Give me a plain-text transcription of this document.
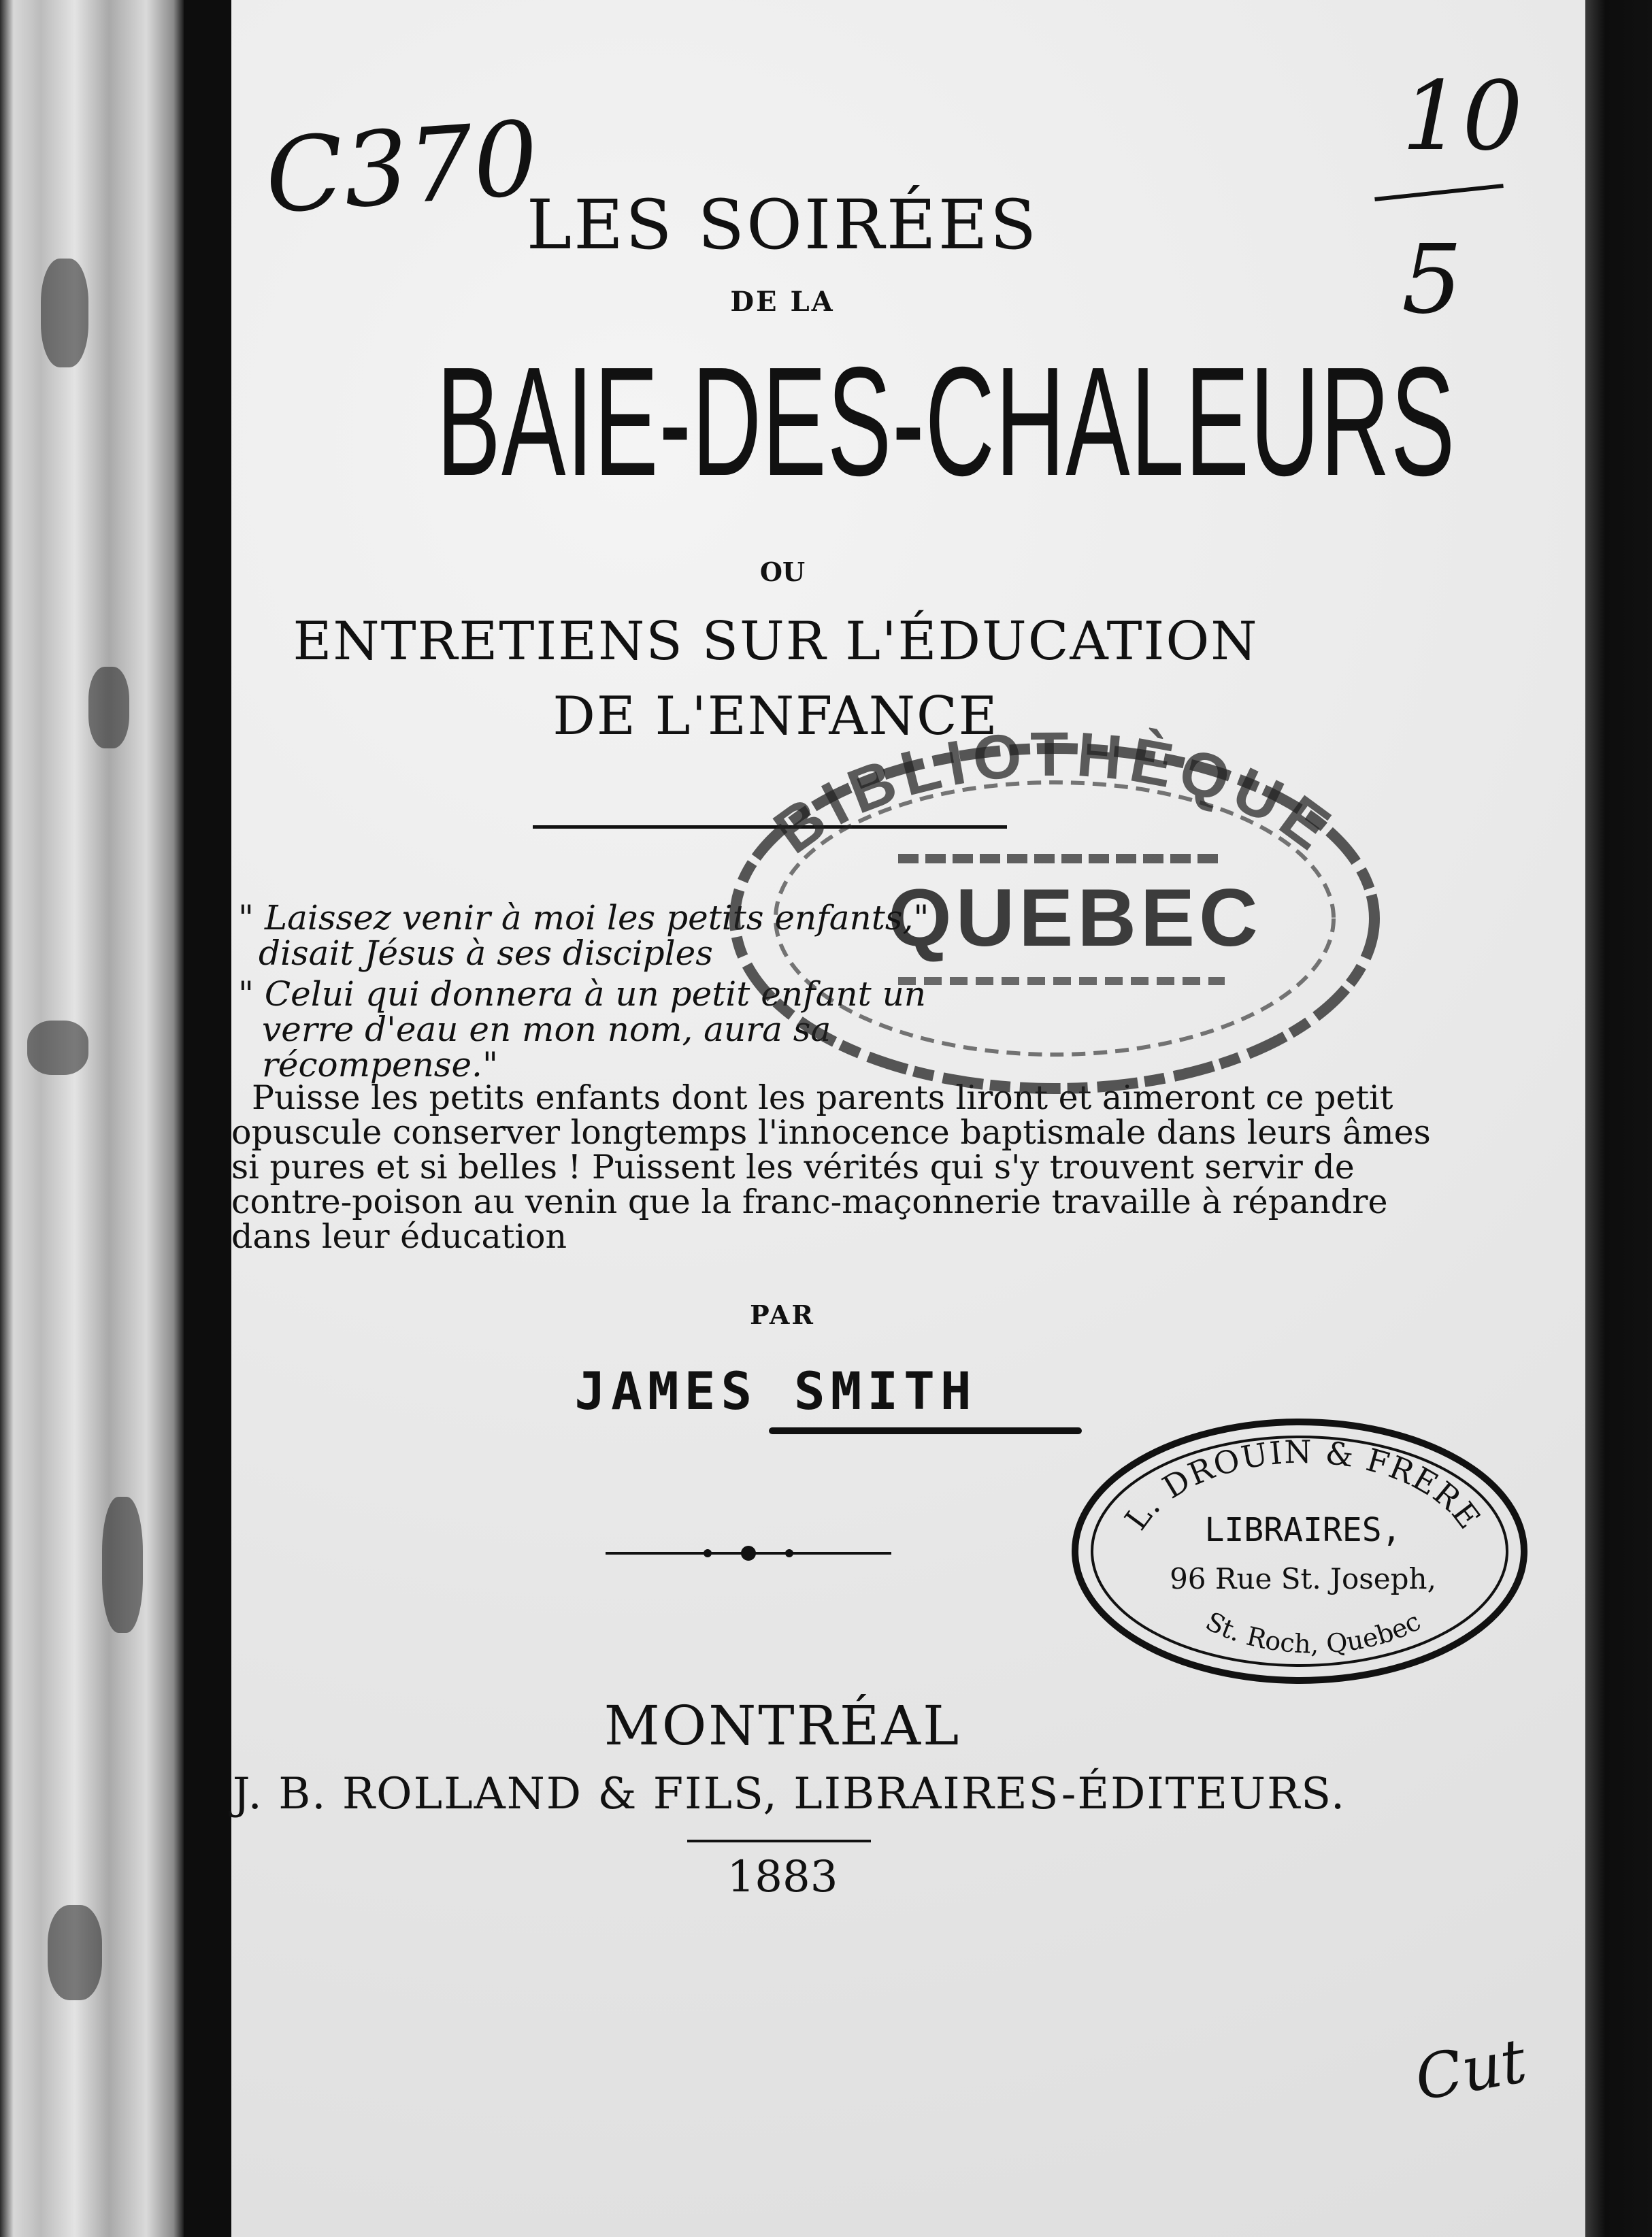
C370	10
5
Cut
LES SOIRÉES
DE LA
BAIE-DES-CHALEURS
OU
ENTRETIENS SUR L'ÉDUCATION
DE L'ENFANCE
" Laissez venir à moi les petits enfants,"
disait Jésus à ses disciples
" Celui qui donnera à un petit enfant un
verre d'eau en mon nom, aura sa
récompense."
Puisse les petits enfants dont les parents liront et aimeront ce petit
opuscule conserver longtemps l'innocence baptismale dans leurs âmes
si pures et si belles ! Puissent les vérités qui s'y trouvent servir de
contre-poison au venin que la franc-maçonnerie travaille à répandre
dans leur éducation
PAR
JAMES SMITH
MONTRÉAL
J. B. ROLLAND & FILS, LIBRAIRES-ÉDITEURS.
1883
BIBLIOTHÈQUE
QUEBEC
L. DROUIN & FRERE
LIBRAIRES,
96 Rue St. Joseph,
St. Roch, Quebec
